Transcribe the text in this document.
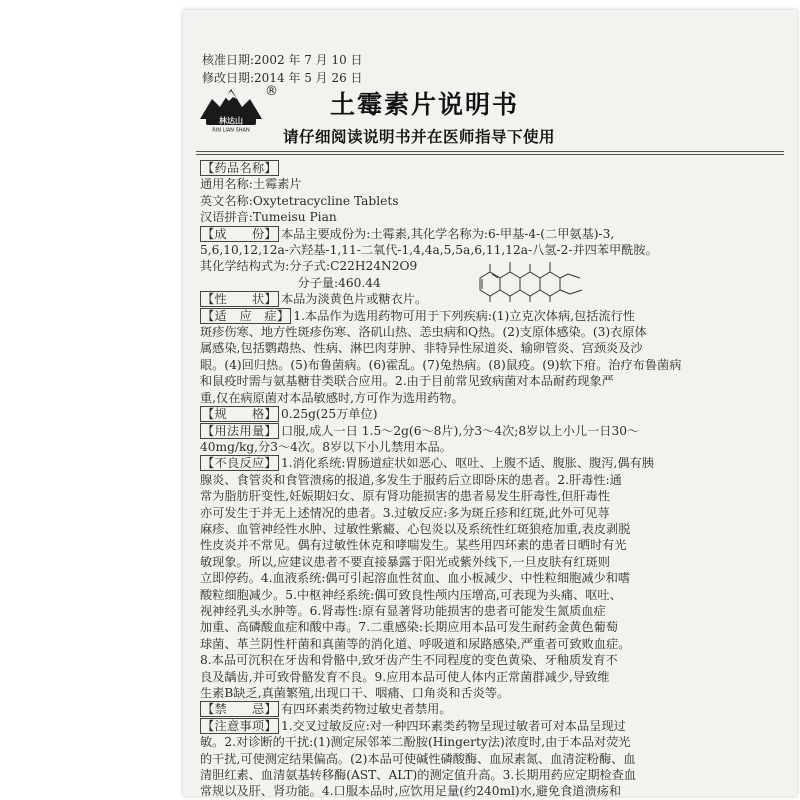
核准日期:2002 年 7 月 10 日
修改日期:2014 年 5 月 26 日
林达山
RIN LIAN SHAN
® 土霉素片说明书
请仔细阅读说明书并在医师指导下使用

【药品名称】

通用名称:土霉素片

英文名称:Oxytetracycline Tablets

汉语拼音:Tumeisu Pian

【成　　份】 本品主要成份为:土霉素,其化学名称为:6-甲基-4-(二甲氨基)-3,

5,6,10,12,12a-六羟基-1,11-二氧代-1,4,4a,5,5a,6,11,12a-八氢-2-并四苯甲酰胺。

其化学结构式为:分子式:C22H24N2O9

　　　　　　　　分子量:460.44

【性　　状】 本品为淡黄色片或糖衣片。

【适　应　症】 1.本品作为选用药物可用于下列疾病:(1)立克次体病,包括流行性

斑疹伤寒、地方性斑疹伤寒、洛矶山热、恙虫病和Q热。(2)支原体感染。(3)衣原体

属感染,包括鹦鹉热、性病、淋巴肉芽肿、非特异性尿道炎、输卵管炎、宫颈炎及沙

眼。(4)回归热。(5)布鲁菌病。(6)霍乱。(7)兔热病。(8)鼠疫。(9)软下疳。治疗布鲁菌病

和鼠疫时需与氨基糖苷类联合应用。2.由于目前常见致病菌对本品耐药现象严

重,仅在病原菌对本品敏感时,方可作为选用药物。

【规　　格】 0.25g(25万单位)

【用法用量】 口服,成人一日 1.5～2g(6～8片),分3～4次;8岁以上小儿一日30～

40mg/kg,分3～4次。8岁以下小儿禁用本品。

【不良反应】 1.消化系统:胃肠道症状如恶心、呕吐、上腹不适、腹胀、腹泻,偶有胰

腺炎、食管炎和食管溃疡的报道,多发生于服药后立即卧床的患者。2.肝毒性:通

常为脂肪肝变性,妊娠期妇女、原有肾功能损害的患者易发生肝毒性,但肝毒性

亦可发生于并无上述情况的患者。3.过敏反应:多为斑丘疹和红斑,此外可见荨

麻疹、血管神经性水肿、过敏性紫癜、心包炎以及系统性红斑狼疮加重,表皮剥脱

性皮炎并不常见。偶有过敏性休克和哮喘发生。某些用四环素的患者日晒时有光

敏现象。所以,应建议患者不要直接暴露于阳光或紫外线下,一旦皮肤有红斑则

立即停药。4.血液系统:偶可引起溶血性贫血、血小板减少、中性粒细胞减少和嗜

酸粒细胞减少。5.中枢神经系统:偶可致良性颅内压增高,可表现为头痛、呕吐、

视神经乳头水肿等。6.肾毒性:原有显著肾功能损害的患者可能发生氮质血症

加重、高磷酸血症和酸中毒。7.二重感染:长期应用本品可发生耐药金黄色葡萄

球菌、革兰阴性杆菌和真菌等的消化道、呼吸道和尿路感染,严重者可致败血症。

8.本品可沉积在牙齿和骨骼中,致牙齿产生不同程度的变色黄染、牙釉质发育不

良及龋齿,并可致骨骼发育不良。9.应用本品可使人体内正常菌群减少,导致维

生素B缺乏,真菌繁殖,出现口干、咽痛、口角炎和舌炎等。

【禁　　忌】 有四环素类药物过敏史者禁用。

【注意事项】 1.交叉过敏反应:对一种四环素类药物呈现过敏者可对本品呈现过

敏。2.对诊断的干扰:(1)测定尿邻苯二酚胺(Hingerty法)浓度时,由于本品对荧光

的干扰,可使测定结果偏高。(2)本品可使碱性磷酸酶、血尿素氮、血清淀粉酶、血

清胆红素、血清氨基转移酶(AST、ALT)的测定值升高。3.长期用药应定期检查血

常规以及肝、肾功能。4.口服本品时,应饮用足量(约240ml)水,避免食道溃疡和
